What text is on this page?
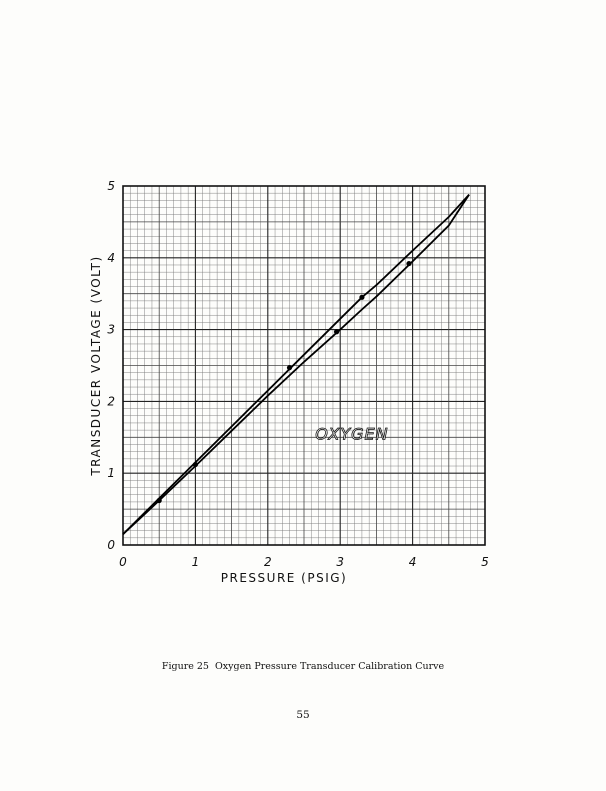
0	1	2	3	4	5
0
1
2
3
4
5
PRESSURE (PSIG)
TRANSDUCER VOLTAGE (VOLT)	OXYGEN
Figure 25  Oxygen Pressure Transducer Calibration Curve
55
